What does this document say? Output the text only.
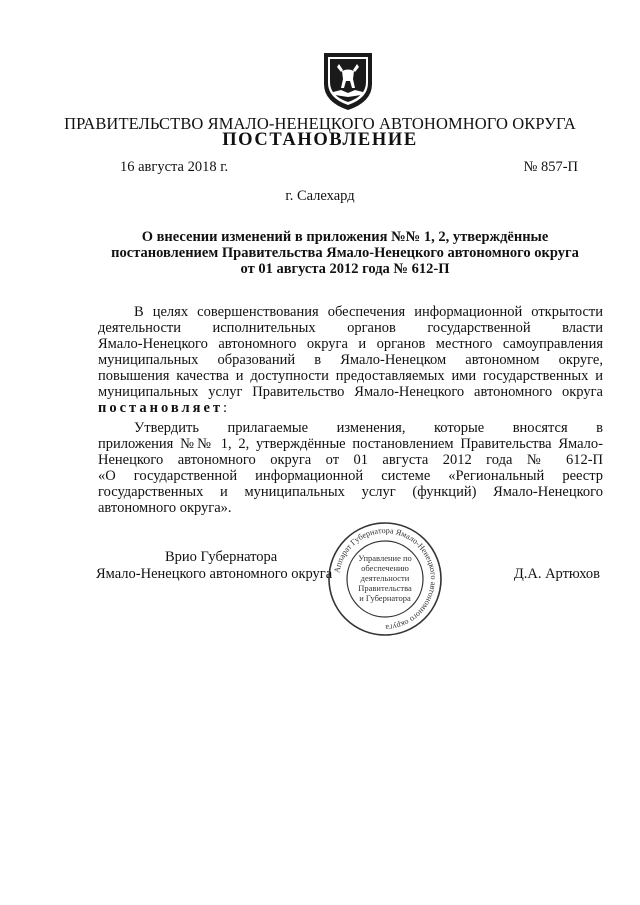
ПРАВИТЕЛЬСТВО ЯМАЛО-НЕНЕЦКОГО АВТОНОМНОГО ОКРУГА
ПОСТАНОВЛЕНИЕ
16 августа 2018 г.	№ 857-П
г. Салехард
О внесении изменений в приложения №№ 1, 2, утверждённые
постановлением Правительства Ямало-Ненецкого автономного округа
от 01 августа 2012 года № 612-П
В целях совершенствования обеспечения информационной открытости
деятельности исполнительных органов государственной власти
Ямало-Ненецкого автономного округа и органов местного самоуправления
муниципальных образований в Ямало-Ненецком автономном округе,
повышения качества и доступности предоставляемых ими государственных и
муниципальных услуг Правительство Ямало-Ненецкого автономного округа
постановляет:
Утвердить прилагаемые изменения, которые вносятся в
приложения №№ 1, 2, утверждённые постановлением Правительства Ямало-
Ненецкого автономного округа от 01 августа 2012 года № 612-П
«О государственной информационной системе «Региональный реестр
государственных и муниципальных услуг (функций) Ямало-Ненецкого
автономного округа».
Врио Губернатора
Ямало-Ненецкого автономного округа	Д.А. Артюхов
Аппарат Губернатора Ямало-Ненецкого автономного округа
Управление по
обеспечению
деятельности
Правительства
и Губернатора
